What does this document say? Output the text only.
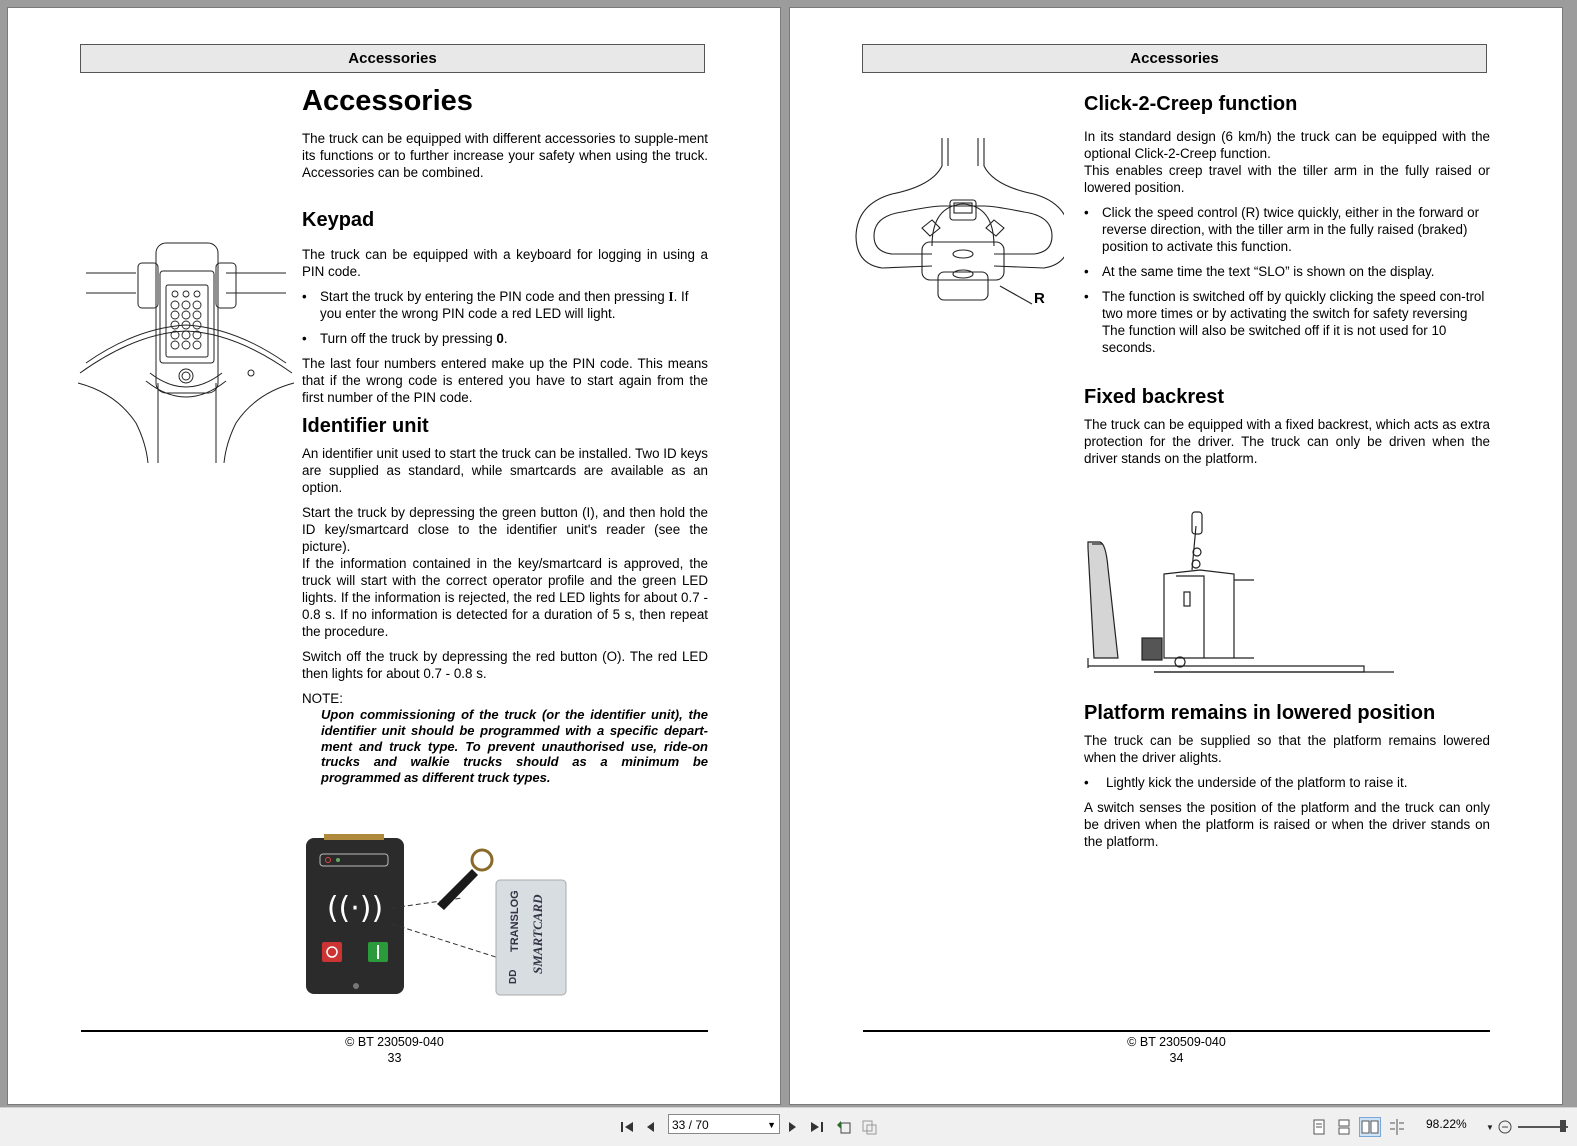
Accessories
Accessories

The truck can be equipped with different accessories to supple-ment its functions or to further increase your safety when using the truck. Accessories can be combined.

Keypad

The truck can be equipped with a keyboard for logging in using a PIN code.

• Start the truck by entering the PIN code and then pressing I. If you enter the wrong PIN code a red LED will light.
• Turn off the truck by pressing 0.

The last four numbers entered make up the PIN code. This means that if the wrong code is entered you have to start again from the first number of the PIN code.

Identifier unit

An identifier unit used to start the truck can be installed. Two ID keys are supplied as standard, while smartcards are available as an option.

Start the truck by depressing the green button (I), and then hold the ID key/smartcard close to the identifier unit's reader (see the picture).

If the information contained in the key/smartcard is approved, the truck will start with the correct operator profile and the green LED lights. If the information is rejected, the red LED lights for about 0.7 - 0.8 s. If no information is detected for a duration of 5 s, then repeat the procedure.

Switch off the truck by depressing the red button (O). The red LED then lights for about 0.7 - 0.8 s.

NOTE:

Upon commissioning of the truck (or the identifier unit), the identifier unit should be programmed with a specific depart-ment and truck type. To prevent unauthorised use, ride-on trucks and walkie trucks should as a minimum be programmed as different truck types.

((·))	TRANSLOG SMARTCARD
DD
© BT 230509-040
33
Accessories
R
Click-2-Creep function

In its standard design (6 km/h) the truck can be equipped with the optional Click-2-Creep function.

This enables creep travel with the tiller arm in the fully raised or lowered position.

• Click the speed control (R) twice quickly, either in the forward or reverse direction, with the tiller arm in the fully raised (braked) position to activate this function.
• At the same time the text “SLO” is shown on the display.
• The function is switched off by quickly clicking the speed con-trol two more times or by activating the switch for safety reversing
The function will also be switched off if it is not used for 10 seconds.
Fixed backrest

The truck can be equipped with a fixed backrest, which acts as extra protection for the driver. The truck can only be driven when the driver stands on the platform.

Platform remains in lowered position

The truck can be supplied so that the platform remains lowered when the driver alights.

• Lightly kick the underside of the platform to raise it.

A switch senses the position of the platform and the truck can only be driven when the platform is raised or when the driver stands on the platform.

© BT 230509-040
34
33 / 70	▼	98.22% ▼
